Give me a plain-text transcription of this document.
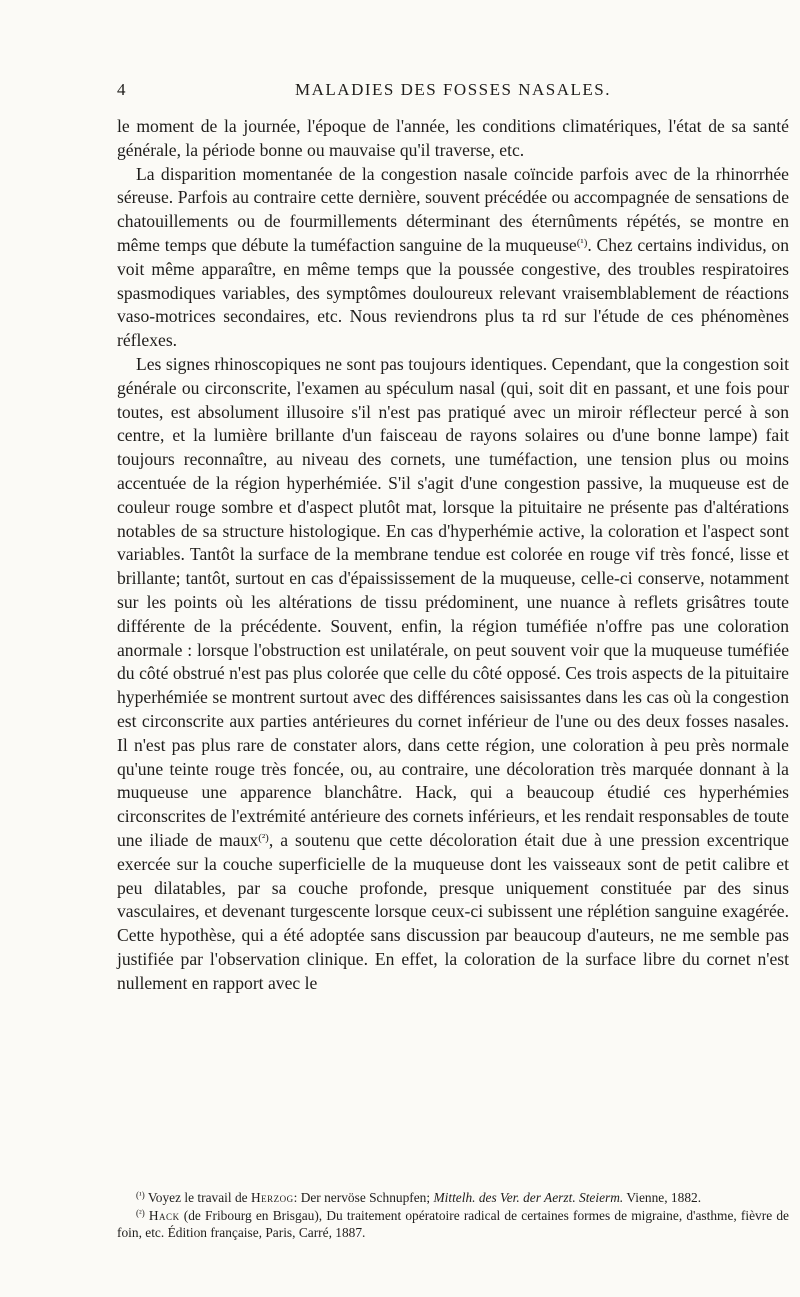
4	MALADIES DES FOSSES NASALES.

le moment de la journée, l'époque de l'année, les conditions climatériques, l'état de sa santé générale, la période bonne ou mauvaise qu'il traverse, etc.

La disparition momentanée de la congestion nasale coïncide parfois avec de la rhinorrhée séreuse. Parfois au contraire cette dernière, souvent précédée ou accompagnée de sensations de chatouillements ou de fourmillements déterminant des éternûments répétés, se montre en même temps que débute la tuméfaction sanguine de la muqueuse$^{(^1)}$. Chez certains individus, on voit même apparaître, en même temps que la poussée congestive, des troubles respiratoires spasmodiques variables, des symptômes douloureux relevant vraisemblablement de réactions vaso-motrices secondaires, etc. Nous reviendrons plus ta rd sur l'étude de ces phénomènes réflexes.

Les signes rhinoscopiques ne sont pas toujours identiques. Cependant, que la congestion soit générale ou circonscrite, l'examen au spéculum nasal (qui, soit dit en passant, et une fois pour toutes, est absolument illusoire s'il n'est pas pratiqué avec un miroir réflecteur percé à son centre, et la lumière brillante d'un faisceau de rayons solaires ou d'une bonne lampe) fait toujours reconnaître, au niveau des cornets, une tuméfaction, une tension plus ou moins accentuée de la région hyperhémiée. S'il s'agit d'une congestion passive, la muqueuse est de couleur rouge sombre et d'aspect plutôt mat, lorsque la pituitaire ne présente pas d'altérations notables de sa structure histologique. En cas d'hyperhémie active, la coloration et l'aspect sont variables. Tantôt la surface de la membrane tendue est colorée en rouge vif très foncé, lisse et brillante; tantôt, surtout en cas d'épaississement de la muqueuse, celle-ci conserve, notamment sur les points où les altérations de tissu prédominent, une nuance à reflets grisâtres toute différente de la précédente. Souvent, enfin, la région tuméfiée n'offre pas une coloration anormale : lorsque l'obstruction est unilatérale, on peut souvent voir que la muqueuse tuméfiée du côté obstrué n'est pas plus colorée que celle du côté opposé. Ces trois aspects de la pituitaire hyperhémiée se montrent surtout avec des différences saisissantes dans les cas où la congestion est circonscrite aux parties antérieures du cornet inférieur de l'une ou des deux fosses nasales. Il n'est pas plus rare de constater alors, dans cette région, une coloration à peu près normale qu'une teinte rouge très foncée, ou, au contraire, une décoloration très marquée donnant à la muqueuse une apparence blanchâtre. Hack, qui a beaucoup étudié ces hyperhémies circonscrites de l'extrémité antérieure des cornets inférieurs, et les rendait responsables de toute une iliade de maux$^{(^2)}$, a soutenu que cette décoloration était due à une pression excentrique exercée sur la couche superficielle de la muqueuse dont les vaisseaux sont de petit calibre et peu dilatables, par sa couche profonde, presque uniquement constituée par des sinus vasculaires, et devenant turgescente lorsque ceux-ci subissent une réplétion sanguine exagérée. Cette hypothèse, qui a été adoptée sans discussion par beaucoup d'auteurs, ne me semble pas justifiée par l'observation clinique. En effet, la coloration de la surface libre du cornet n'est nullement en rapport avec le

$^{(^1)}$ Voyez le travail de Herzog: Der nervöse Schnupfen; Mittelh. des Ver. der Aerzt. Steierm. Vienne, 1882.

$^{(^2)}$ Hack (de Fribourg en Brisgau), Du traitement opératoire radical de certaines formes de migraine, d'asthme, fièvre de foin, etc. Édition française, Paris, Carré, 1887.
